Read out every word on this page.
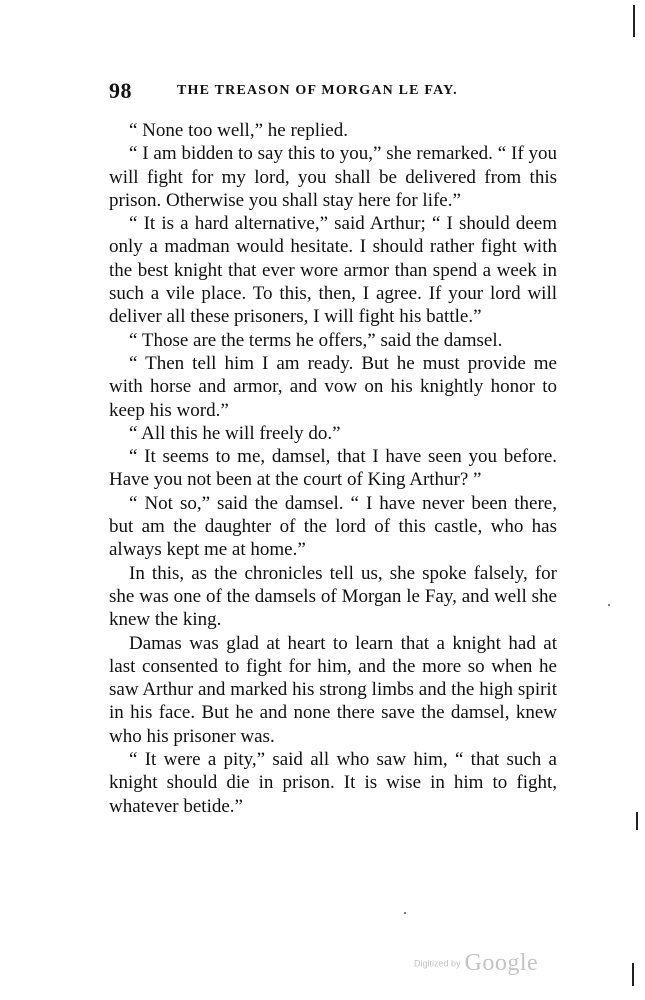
98	THE TREASON OF MORGAN LE FAY.

“ None too well,” he replied.

“ I am bidden to say this to you,” she remarked. “ If you will fight for my lord, you shall be delivered from this prison. Otherwise you shall stay here for life.”

“ It is a hard alternative,” said Arthur; “ I should deem only a madman would hesitate. I should rather fight with the best knight that ever wore armor than spend a week in such a vile place. To this, then, I agree. If your lord will deliver all these prisoners, I will fight his battle.”

“ Those are the terms he offers,” said the damsel.

“ Then tell him I am ready. But he must provide me with horse and armor, and vow on his knightly honor to keep his word.”

“ All this he will freely do.”

“ It seems to me, damsel, that I have seen you before. Have you not been at the court of King Arthur? ”

“ Not so,” said the damsel. “ I have never been there, but am the daughter of the lord of this castle, who has always kept me at home.”

In this, as the chronicles tell us, she spoke falsely, for she was one of the damsels of Morgan le Fay, and well she knew the king.

Damas was glad at heart to learn that a knight had at last consented to fight for him, and the more so when he saw Arthur and marked his strong limbs and the high spirit in his face. But he and none there save the damsel, knew who his prisoner was.

“ It were a pity,” said all who saw him, “ that such a knight should die in prison. It is wise in him to fight, whatever betide.”

Digitized by Google
